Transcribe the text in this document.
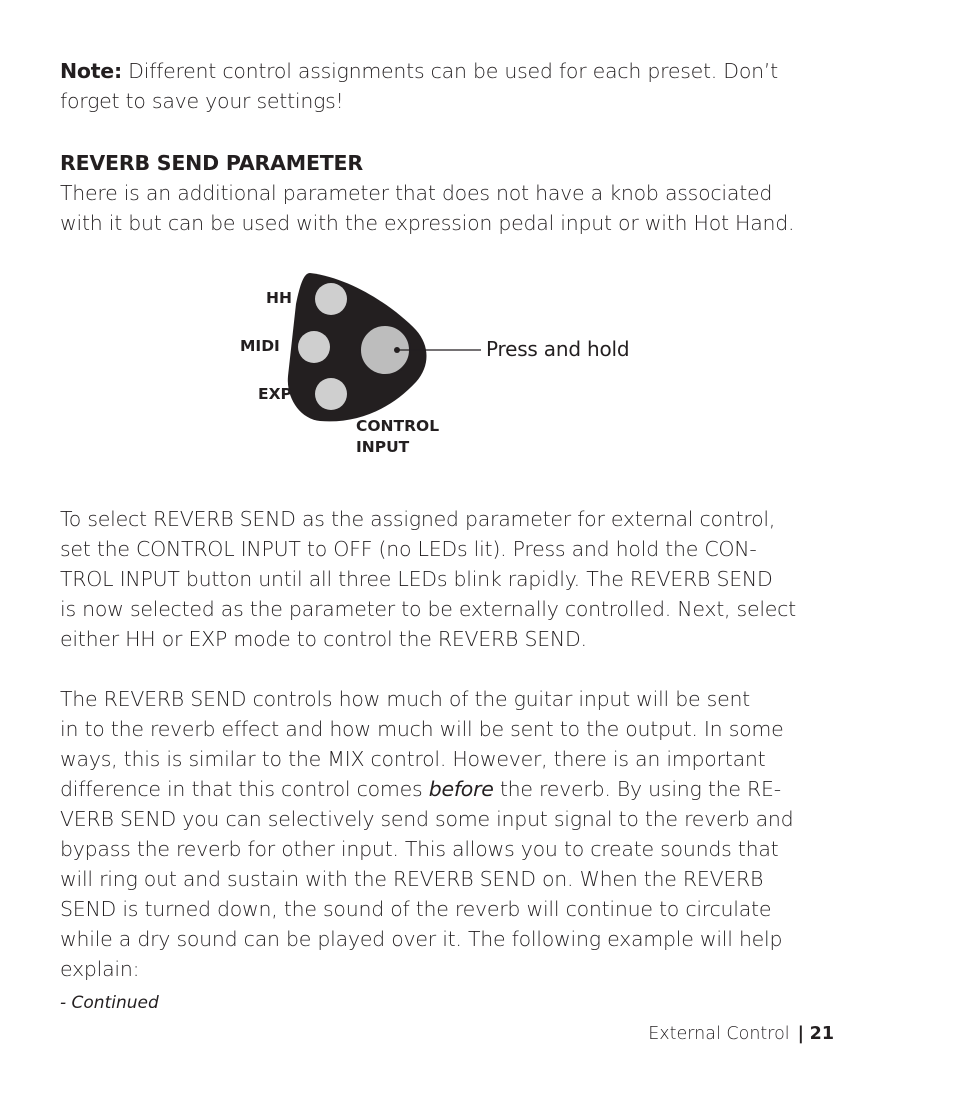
Note: Different control assignments can be used for each preset. Don’t
forget to save your settings!

REVERB SEND PARAMETER

There is an additional parameter that does not have a knob associated
with it but can be used with the expression pedal input or with Hot Hand.

HH
MIDI
EXP
CONTROL
INPUT
Press and hold

To select REVERB SEND as the assigned parameter for external control,
set the CONTROL INPUT to OFF (no LEDs lit). Press and hold the CON-
TROL INPUT button until all three LEDs blink rapidly. The REVERB SEND
is now selected as the parameter to be externally controlled. Next, select
either HH or EXP mode to control the REVERB SEND.

The REVERB SEND controls how much of the guitar input will be sent
in to the reverb effect and how much will be sent to the output. In some
ways, this is similar to the MIX control. However, there is an important
difference in that this control comes before the reverb. By using the RE-
VERB SEND you can selectively send some input signal to the reverb and
bypass the reverb for other input. This allows you to create sounds that
will ring out and sustain with the REVERB SEND on. When the REVERB
SEND is turned down, the sound of the reverb will continue to circulate
while a dry sound can be played over it. The following example will help
explain:

- Continued
External Control | 21
